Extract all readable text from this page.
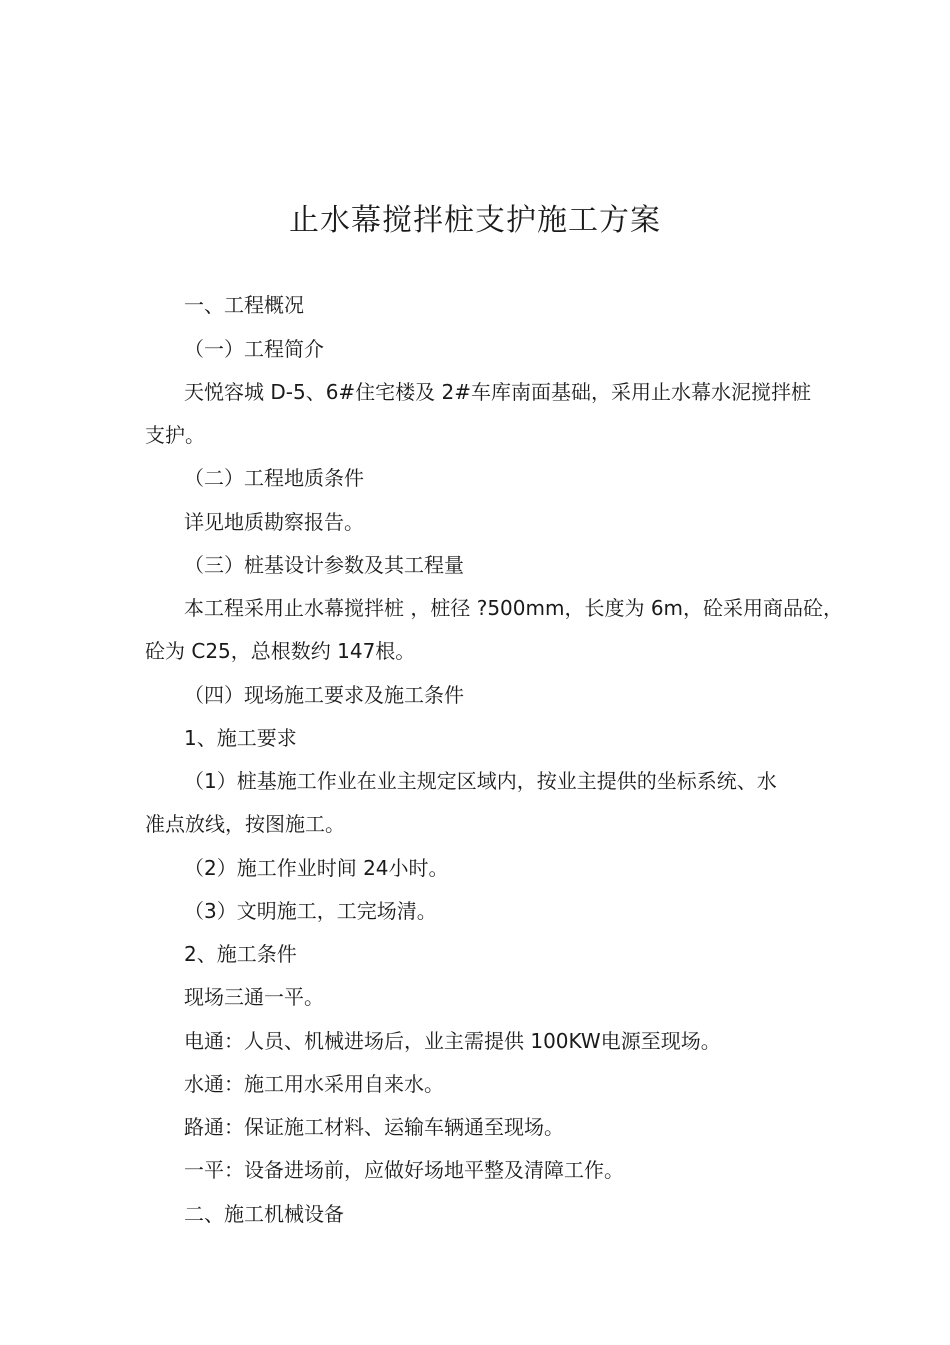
止水幕搅拌桩支护施工方案
一、工程概况
（一）工程简介
天悦容城 D-5、6#住宅楼及 2#车库南面基础，采用止水幕水泥搅拌桩
支护。
（二）工程地质条件
详见地质勘察报告。
（三）桩基设计参数及其工程量
本工程采用止水幕搅拌桩 ，桩径 ?500mm，长度为 6m，砼采用商品砼，
砼为 C25，总根数约 147根。
（四）现场施工要求及施工条件
1、施工要求
（1）桩基施工作业在业主规定区域内，按业主提供的坐标系统、水
准点放线，按图施工。
（2）施工作业时间 24小时。
（3）文明施工，工完场清。
2、施工条件
现场三通一平。
电通：人员、机械进场后，业主需提供 100KW电源至现场。
水通：施工用水采用自来水。
路通：保证施工材料、运输车辆通至现场。
一平：设备进场前，应做好场地平整及清障工作。
二、施工机械设备
